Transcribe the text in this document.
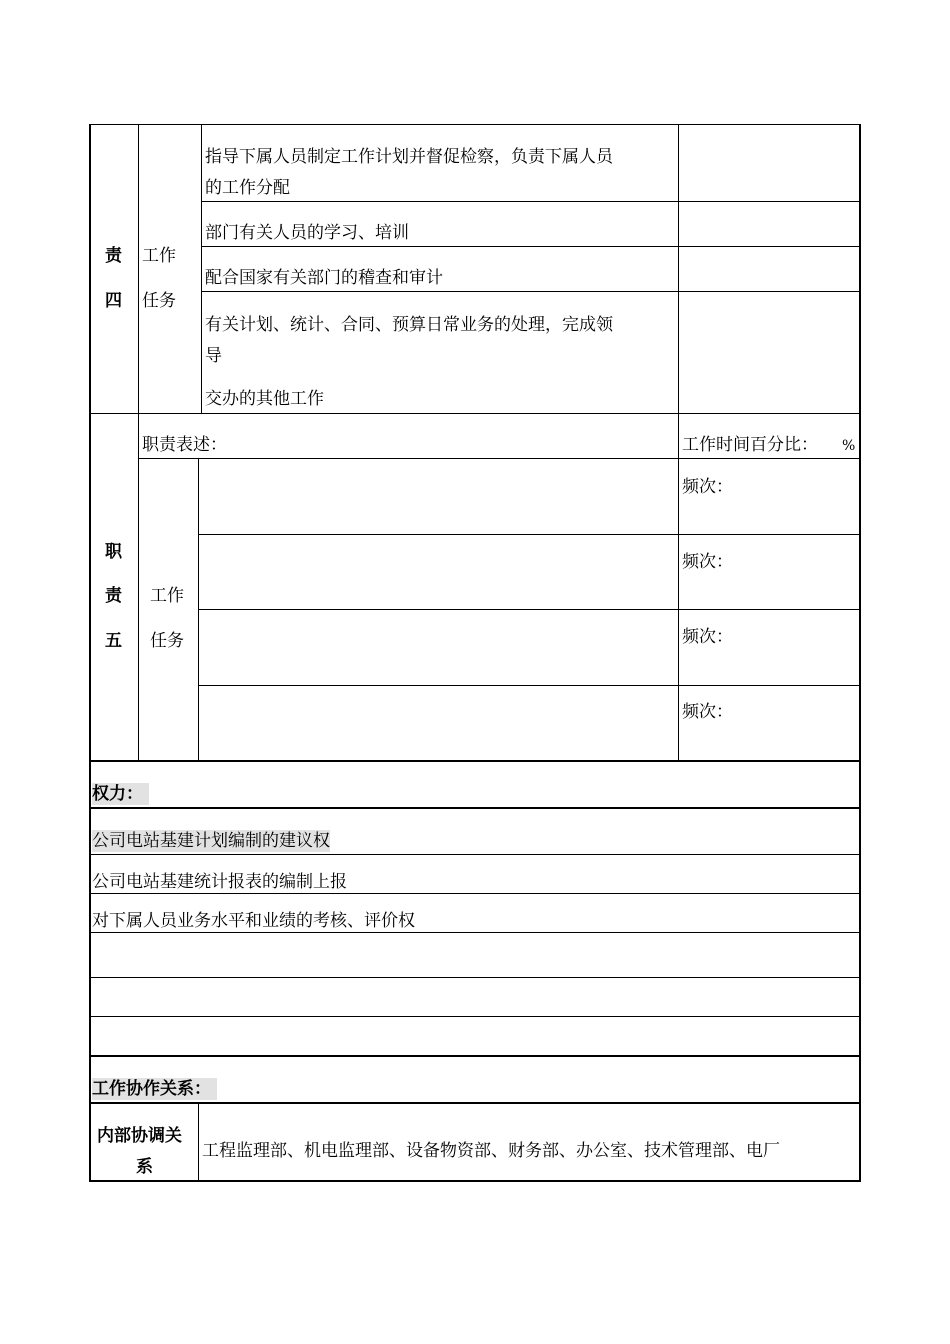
责
四
工作
任务
指导下属人员制定工作计划并督促检察，负责下属人员
的工作分配
部门有关人员的学习、培训
配合国家有关部门的稽查和审计
有关计划、统计、合同、预算日常业务的处理，完成领
导
交办的其他工作
职
责
五
职责表述：	工作时间百分比： %
工作
任务
频次：
频次：
频次：
频次：
权力：
公司电站基建计划编制的建议权
公司电站基建统计报表的编制上报
对下属人员业务水平和业绩的考核、评价权
工作协作关系：
内部协调关
系
工程监理部、机电监理部、设备物资部、财务部、办公室、技术管理部、电厂
